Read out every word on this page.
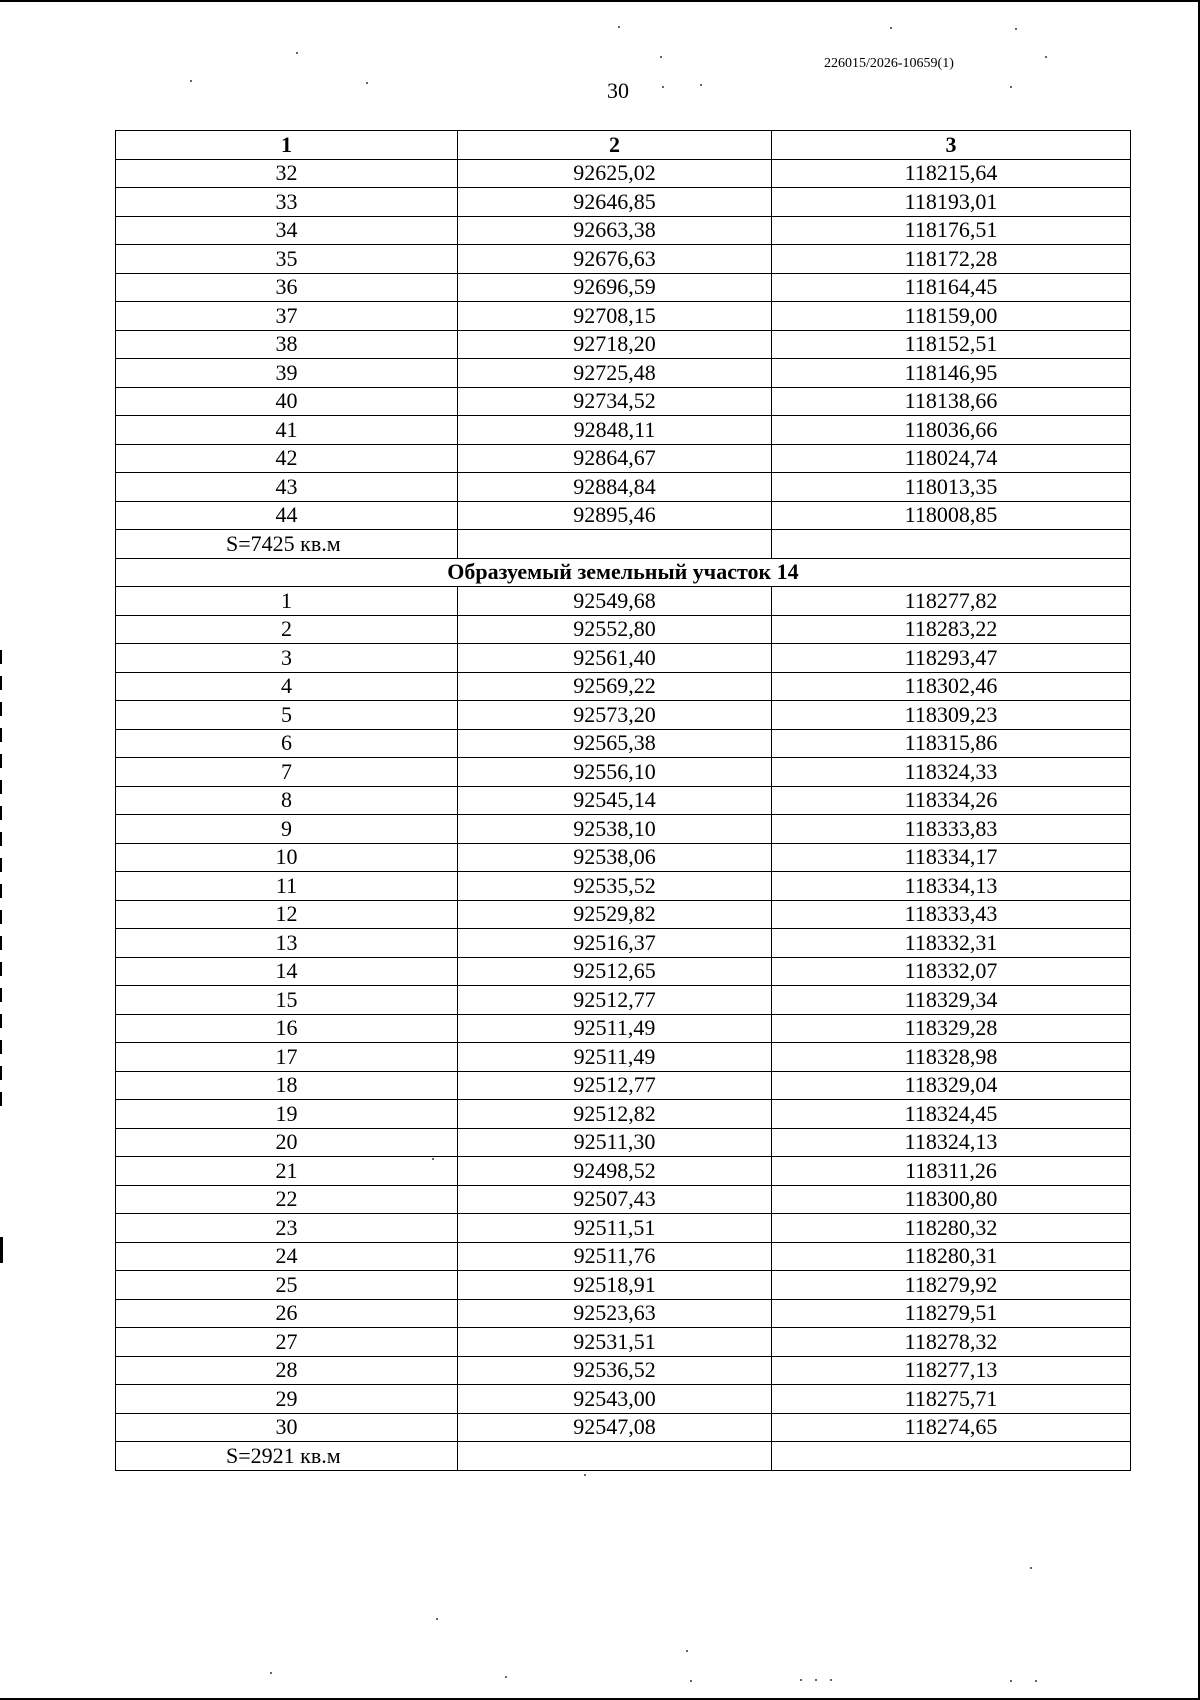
226015/2026-10659(1)
30
1	2	3
32	92625,02	118215,64
33	92646,85	118193,01
34	92663,38	118176,51
35	92676,63	118172,28
36	92696,59	118164,45
37	92708,15	118159,00
38	92718,20	118152,51
39	92725,48	118146,95
40	92734,52	118138,66
41	92848,11	118036,66
42	92864,67	118024,74
43	92884,84	118013,35
44	92895,46	118008,85
S=7425 кв.м		
Образуемый земельный участок 14		
1	92549,68	118277,82
2	92552,80	118283,22
3	92561,40	118293,47
4	92569,22	118302,46
5	92573,20	118309,23
6	92565,38	118315,86
7	92556,10	118324,33
8	92545,14	118334,26
9	92538,10	118333,83
10	92538,06	118334,17
11	92535,52	118334,13
12	92529,82	118333,43
13	92516,37	118332,31
14	92512,65	118332,07
15	92512,77	118329,34
16	92511,49	118329,28
17	92511,49	118328,98
18	92512,77	118329,04
19	92512,82	118324,45
20	92511,30	118324,13
21	92498,52	118311,26
22	92507,43	118300,80
23	92511,51	118280,32
24	92511,76	118280,31
25	92518,91	118279,92
26	92523,63	118279,51
27	92531,51	118278,32
28	92536,52	118277,13
29	92543,00	118275,71
30	92547,08	118274,65
S=2921 кв.м		
